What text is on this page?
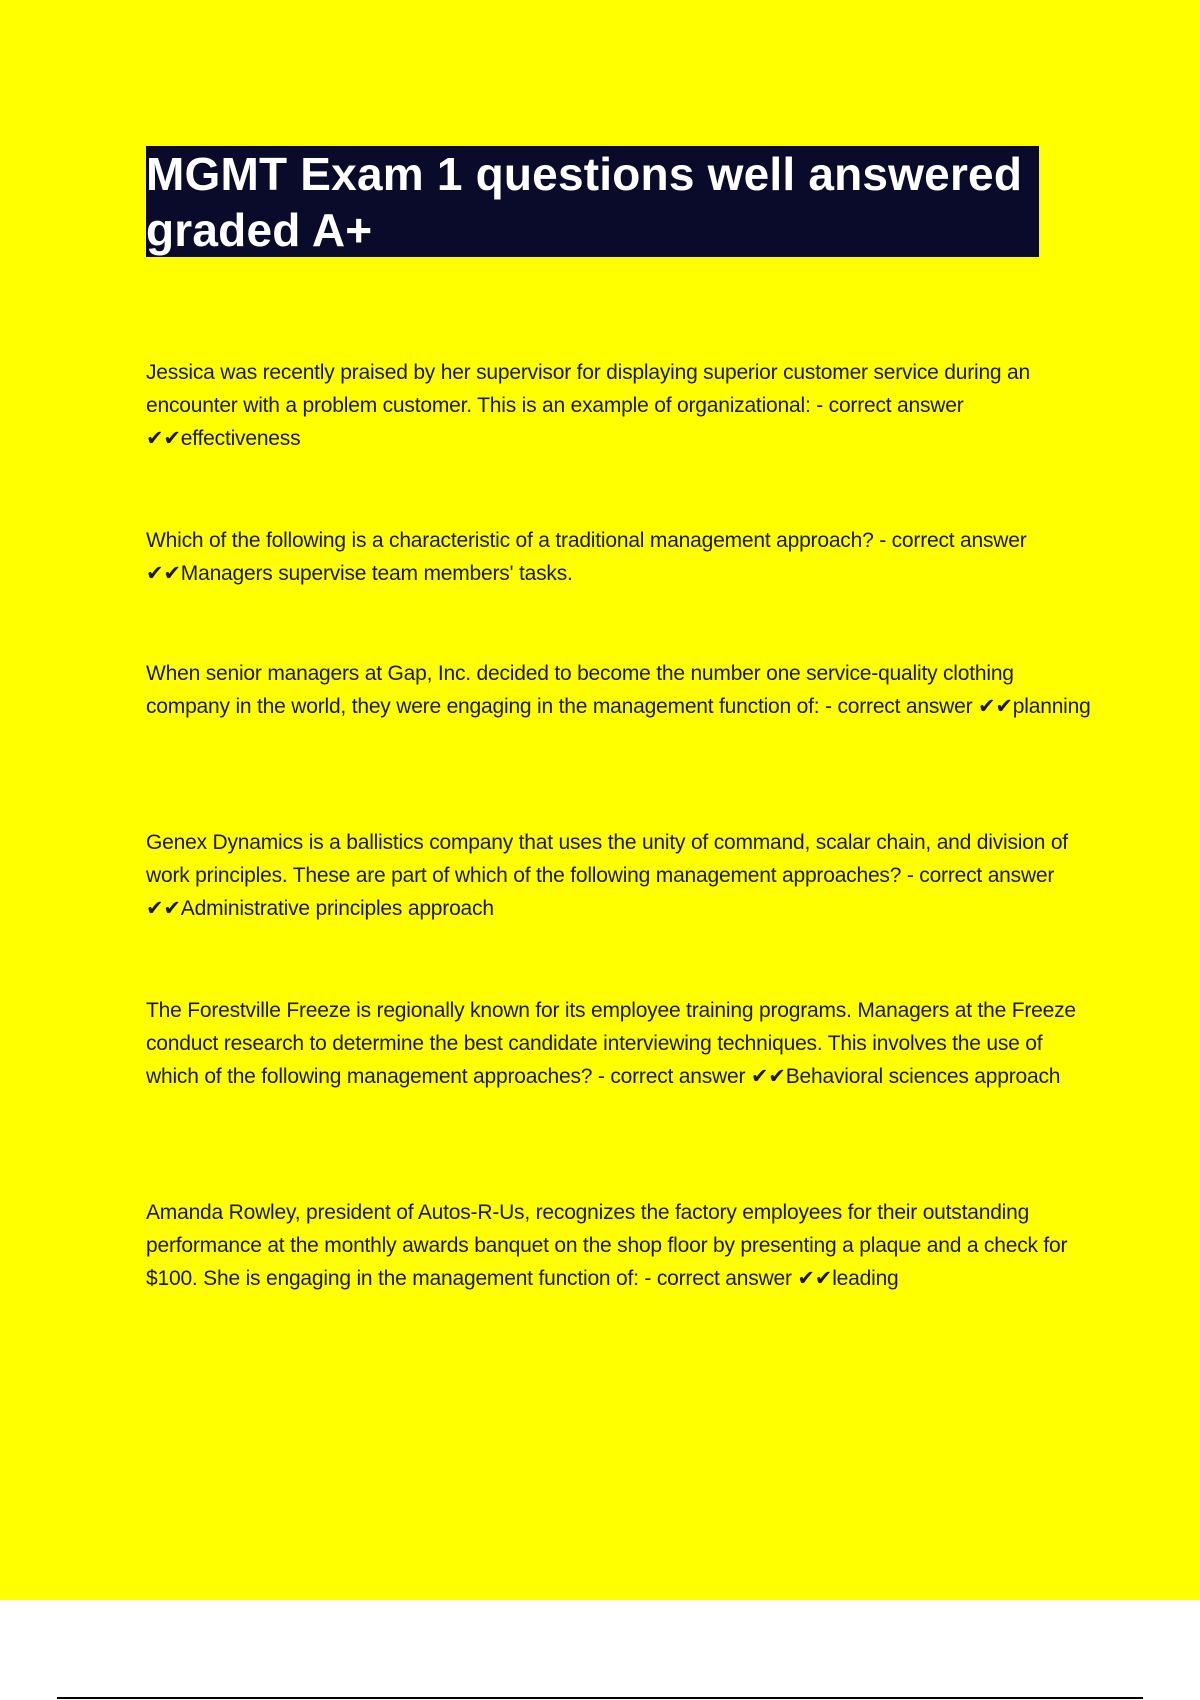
MGMT Exam 1 questions well answered graded A+

Jessica was recently praised by her supervisor for displaying superior customer service during an encounter with a problem customer. This is an example of organizational: - correct answer ✔✔effectiveness

Which of the following is a characteristic of a traditional management approach? - correct answer ✔✔Managers supervise team members' tasks.

When senior managers at Gap, Inc. decided to become the number one service-quality clothing company in the world, they were engaging in the management function of: - correct answer ✔✔planning

Genex Dynamics is a ballistics company that uses the unity of command, scalar chain, and division of work principles. These are part of which of the following management approaches? - correct answer ✔✔Administrative principles approach

The Forestville Freeze is regionally known for its employee training programs. Managers at the Freeze conduct research to determine the best candidate interviewing techniques. This involves the use of which of the following management approaches? - correct answer ✔✔Behavioral sciences approach

Amanda Rowley, president of Autos-R-Us, recognizes the factory employees for their outstanding performance at the monthly awards banquet on the shop floor by presenting a plaque and a check for $100. She is engaging in the management function of: - correct answer ✔✔leading
